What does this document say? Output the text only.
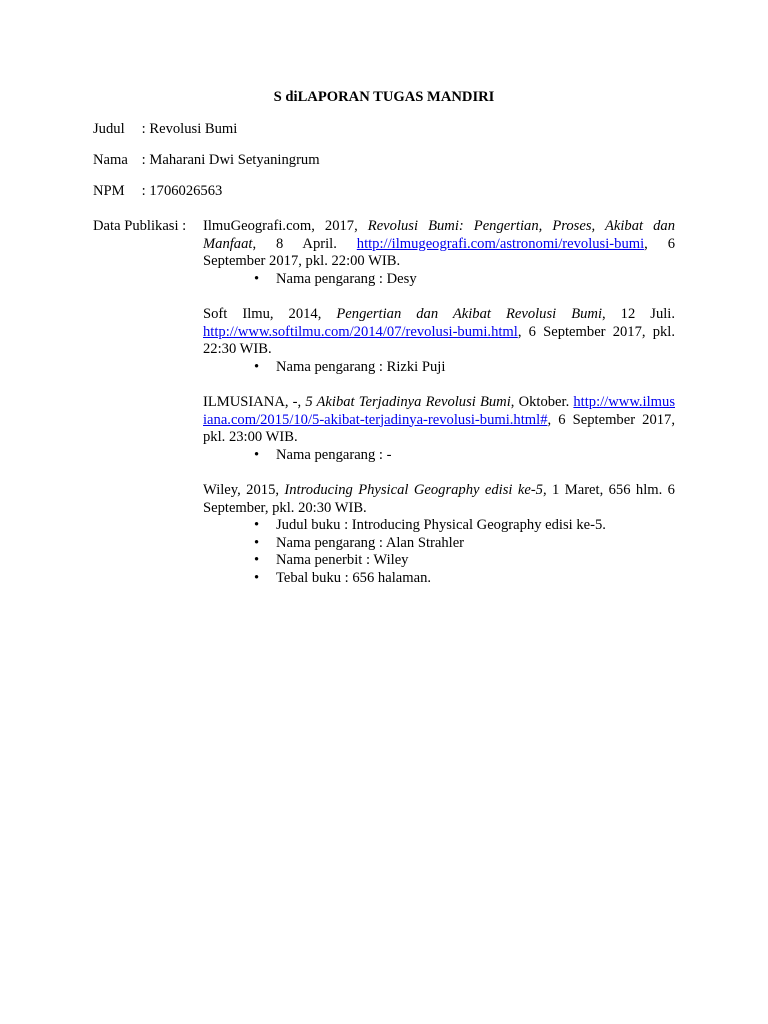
S diLAPORAN TUGAS MANDIRI
Judul : Revolusi Bumi
Nama : Maharani Dwi Setyaningrum
NPM : 1706026563
Data Publikasi : IlmuGeografi.com, 2017, Revolusi Bumi: Pengertian, Proses, Akibat dan Manfaat, 8 April. http://ilmugeografi.com/astronomi/revolusi-bumi, 6 September 2017, pkl. 22:00 WIB.
• Nama pengarang : Desy
Soft Ilmu, 2014, Pengertian dan Akibat Revolusi Bumi, 12 Juli. http://www.softilmu.com/2014/07/revolusi-bumi.html, 6 September 2017, pkl. 22:30 WIB.
• Nama pengarang : Rizki Puji
ILMUSIANA, -, 5 Akibat Terjadinya Revolusi Bumi, Oktober. http://www.ilmusiana.com/2015/10/5-akibat-terjadinya-revolusi-bumi.html#, 6 September 2017, pkl. 23:00 WIB.
• Nama pengarang : -
Wiley, 2015, Introducing Physical Geography edisi ke-5, 1 Maret, 656 hlm. 6 September, pkl. 20:30 WIB.
• Judul buku : Introducing Physical Geography edisi ke-5.
• Nama pengarang : Alan Strahler
• Nama penerbit : Wiley
• Tebal buku : 656 halaman.
